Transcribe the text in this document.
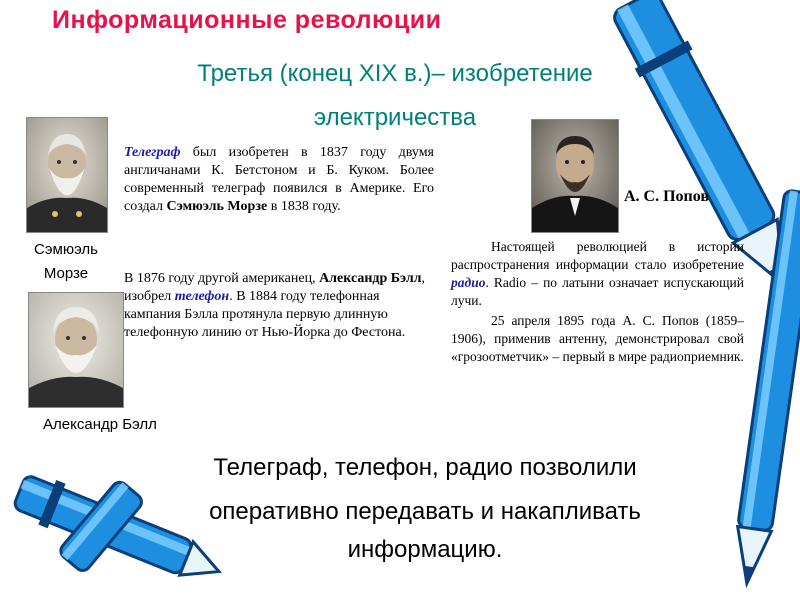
Информационные революции
Третья (конец XIX в.)– изобретение
электричества
Сэмюэль
Морзе
Александр Бэлл
Телеграф был изобретен в 1837 году двумя англичанами К. Бетстоном и Б. Куком. Более современный телеграф появился в Америке. Его создал Сэмюэль Морзе в 1838 году.
В 1876 году другой американец, Александр Бэлл, изобрел телефон. В 1884 году телефонная кампания Бэлла протянула первую длинную телефонную линию от Нью-Йорка до Фестона.
А. С. Попов
Настоящей революцией в истории распространения информации стало изобретение радио. Radio – по латыни означает испускающий лучи.
25 апреля 1895 года А. С. Попов (1859–1906), применив антенну, демонстрировал свой «грозоотметчик» – первый в мире радиоприемник.
Телеграф, телефон, радио позволили
оперативно передавать и накапливать
информацию.
